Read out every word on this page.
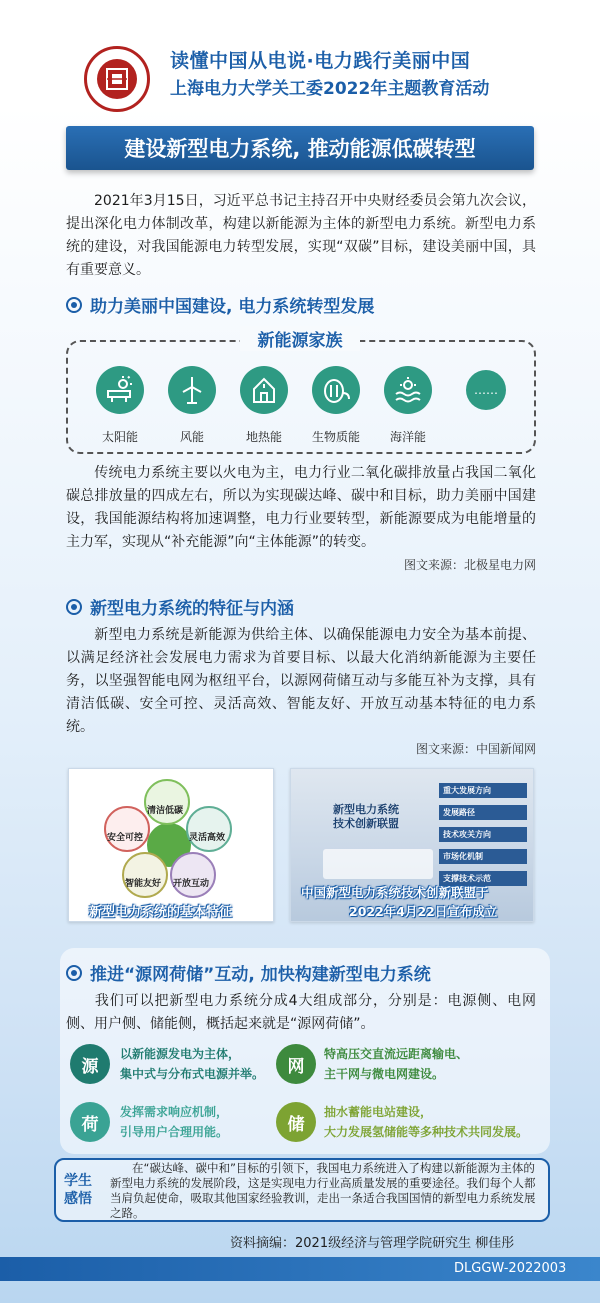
读懂中国从电说·电力践行美丽中国
上海电力大学关工委2022年主题教育活动
建设新型电力系统, 推动能源低碳转型
2021年3月15日，习近平总书记主持召开中央财经委员会第九次会议，提出深化电力体制改革，构建以新能源为主体的新型电力系统。新型电力系统的建设，对我国能源电力转型发展，实现“双碳”目标，建设美丽中国，具有重要意义。
助力美丽中国建设, 电力系统转型发展
新能源家族
太阳能	风能	地热能	生物质能	海洋能
……
传统电力系统主要以火电为主，电力行业二氧化碳排放量占我国二氧化碳总排放量的四成左右，所以为实现碳达峰、碳中和目标，助力美丽中国建设，我国能源结构将加速调整，电力行业要转型，新能源要成为电能增量的主力军，实现从“补充能源”向“主体能源”的转变。
图文来源：北极星电力网
新型电力系统的特征与内涵
新型电力系统是新能源为供给主体、以确保能源电力安全为基本前提、以满足经济社会发展电力需求为首要目标、以最大化消纳新能源为主要任务，以坚强智能电网为枢纽平台，以源网荷储互动与多能互补为支撑，具有清洁低碳、安全可控、灵活高效、智能友好、开放互动基本特征的电力系统。
图文来源：中国新闻网
清洁低碳
灵活高效
开放互动
智能友好
安全可控
新型电力系统的基本特征
新型电力系统
技术创新联盟
重大发展方向
发展路径
技术攻关方向
市场化机制
支撑技术示范
中国新型电力系统技术创新联盟于
2022年4月22日宣布成立
推进“源网荷储”互动, 加快构建新型电力系统
我们可以把新型电力系统分成4大组成部分，分别是：电源侧、电网侧、用户侧、储能侧，概括起来就是“源网荷储”。
源
以新能源发电为主体，
集中式与分布式电源并举。	网
特高压交直流远距离输电、
主干网与微电网建设。
荷
发挥需求响应机制，
引导用户合理用能。	储
抽水蓄能电站建设，
大力发展氢储能等多种技术共同发展。
学生
感悟
在“碳达峰、碳中和”目标的引领下，我国电力系统进入了构建以新能源为主体的新型电力系统的发展阶段，这是实现电力行业高质量发展的重要途径。我们每个人都当肩负起使命，吸取其他国家经验教训，走出一条适合我国国情的新型电力系统发展之路。
资料摘编：2021级经济与管理学院研究生 柳佳彤
DLGGW-2022003
